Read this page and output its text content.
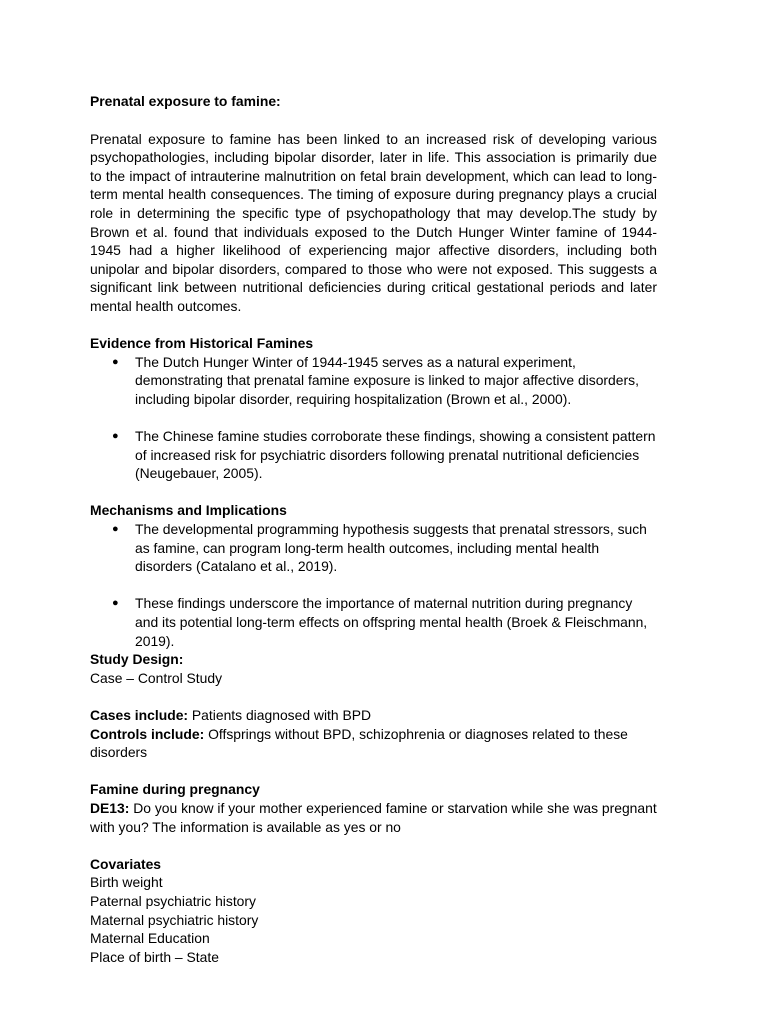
Prenatal exposure to famine:

Prenatal exposure to famine has been linked to an increased risk of developing various psychopathologies, including bipolar disorder, later in life. This association is primarily due to the impact of intrauterine malnutrition on fetal brain development, which can lead to long-term mental health consequences. The timing of exposure during pregnancy plays a crucial role in determining the specific type of psychopathology that may develop.The study by Brown et al. found that individuals exposed to the Dutch Hunger Winter famine of 1944-1945 had a higher likelihood of experiencing major affective disorders, including both unipolar and bipolar disorders, compared to those who were not exposed. This suggests a significant link between nutritional deficiencies during critical gestational periods and later mental health outcomes.

Evidence from Historical Famines

● The Dutch Hunger Winter of 1944-1945 serves as a natural experiment, demonstrating that prenatal famine exposure is linked to major affective disorders, including bipolar disorder, requiring hospitalization (Brown et al., 2000).
● The Chinese famine studies corroborate these findings, showing a consistent pattern of increased risk for psychiatric disorders following prenatal nutritional deficiencies (Neugebauer, 2005).

Mechanisms and Implications

● The developmental programming hypothesis suggests that prenatal stressors, such as famine, can program long-term health outcomes, including mental health disorders (Catalano et al., 2019).
● These findings underscore the importance of maternal nutrition during pregnancy and its potential long-term effects on offspring mental health (Broek & Fleischmann, 2019).

Study Design:

Case – Control Study

Cases include: Patients diagnosed with BPD

Controls include: Offsprings without BPD, schizophrenia or diagnoses related to these disorders

Famine during pregnancy

DE13: Do you know if your mother experienced famine or starvation while she was pregnant with you? The information is available as yes or no

Covariates

Birth weight

Paternal psychiatric history

Maternal psychiatric history

Maternal Education

Place of birth – State
